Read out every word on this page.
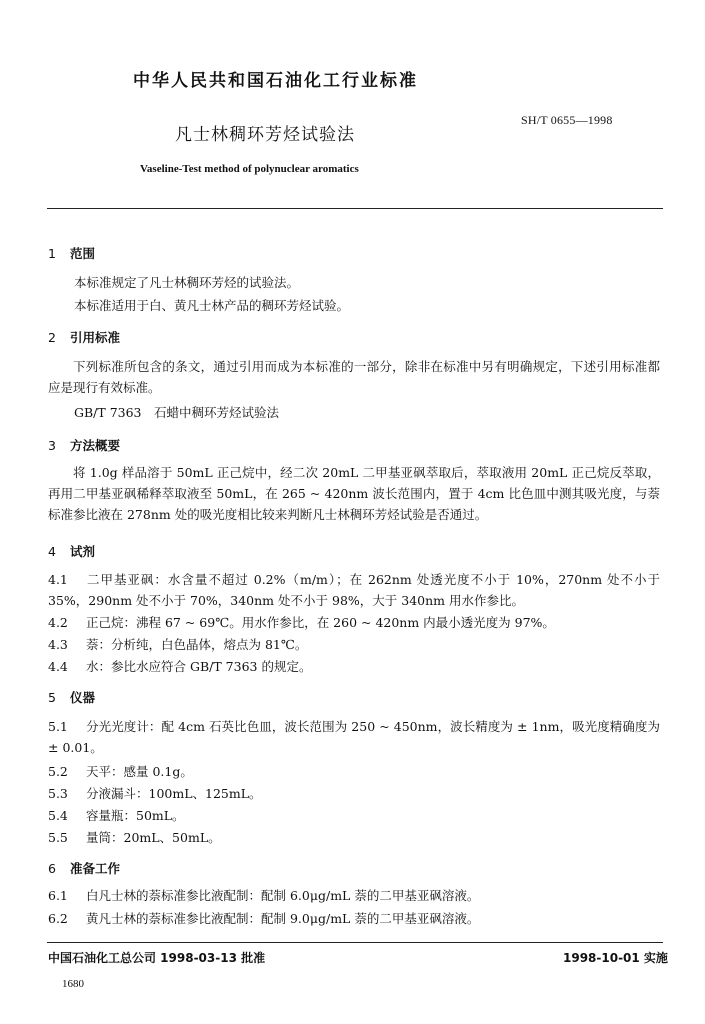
中华人民共和国石油化工行业标准
凡士林稠环芳烃试验法
SH/T 0655—1998
Vaseline-Test method of polynuclear aromatics
1 范围
本标准规定了凡士林稠环芳烃的试验法。
本标准适用于白、黄凡士林产品的稠环芳烃试验。
2 引用标准
下列标准所包含的条文，通过引用而成为本标准的一部分，除非在标准中另有明确规定，下述引用标准都应是现行有效标准。
GB/T 7363　石蜡中稠环芳烃试验法
3 方法概要
将 1.0g 样品溶于 50mL 正己烷中，经二次 20mL 二甲基亚砜萃取后，萃取液用 20mL 正己烷反萃取，再用二甲基亚砜稀释萃取液至 50mL，在 265 ~ 420nm 波长范围内，置于 4cm 比色皿中测其吸光度，与萘标准参比液在 278nm 处的吸光度相比较来判断凡士林稠环芳烃试验是否通过。
4 试剂
4.1 二甲基亚砜：水含量不超过 0.2%（m/m）；在 262nm 处透光度不小于 10%，270nm 处不小于 35%，290nm 处不小于 70%，340nm 处不小于 98%，大于 340nm 用水作参比。
4.2 正己烷：沸程 67 ~ 69℃。用水作参比，在 260 ~ 420nm 内最小透光度为 97%。
4.3 萘：分析纯，白色晶体，熔点为 81℃。
4.4 水：参比水应符合 GB/T 7363 的规定。
5 仪器
5.1 分光光度计：配 4cm 石英比色皿，波长范围为 250 ~ 450nm，波长精度为 ± 1nm，吸光度精确度为 ± 0.01。
5.2 天平：感量 0.1g。
5.3 分液漏斗：100mL、125mL。
5.4 容量瓶：50mL。
5.5 量筒：20mL、50mL。
6 准备工作
6.1 白凡士林的萘标准参比液配制：配制 6.0μg/mL 萘的二甲基亚砜溶液。
6.2 黄凡士林的萘标准参比液配制：配制 9.0μg/mL 萘的二甲基亚砜溶液。
中国石油化工总公司 1998-03-13 批准	1998-10-01 实施
1680
